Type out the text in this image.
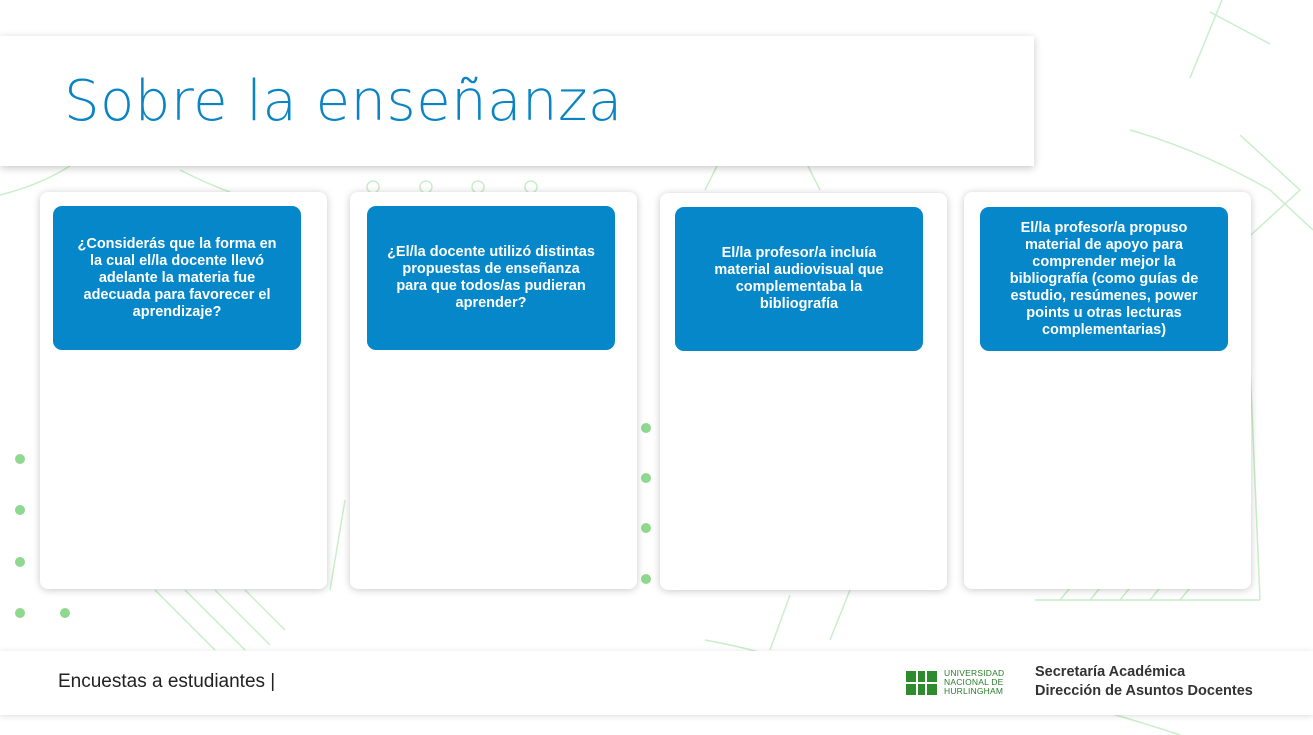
Sobre la enseñanza
¿Considerás que la forma en la cual el/la docente llevó adelante la materia fue adecuada para favorecer el aprendizaje?
¿El/la docente utilizó distintas propuestas de enseñanza para que todos/as pudieran aprender?
El/la profesor/a incluía material audiovisual que complementaba la bibliografía
El/la profesor/a propuso material de apoyo para comprender mejor la bibliografía (como guías de estudio, resúmenes, power points u otras lecturas complementarias)
Encuestas a estudiantes |	UNIVERSIDAD
NACIONAL DE
HURLINGHAM
Secretaría Académica
Dirección de Asuntos Docentes
